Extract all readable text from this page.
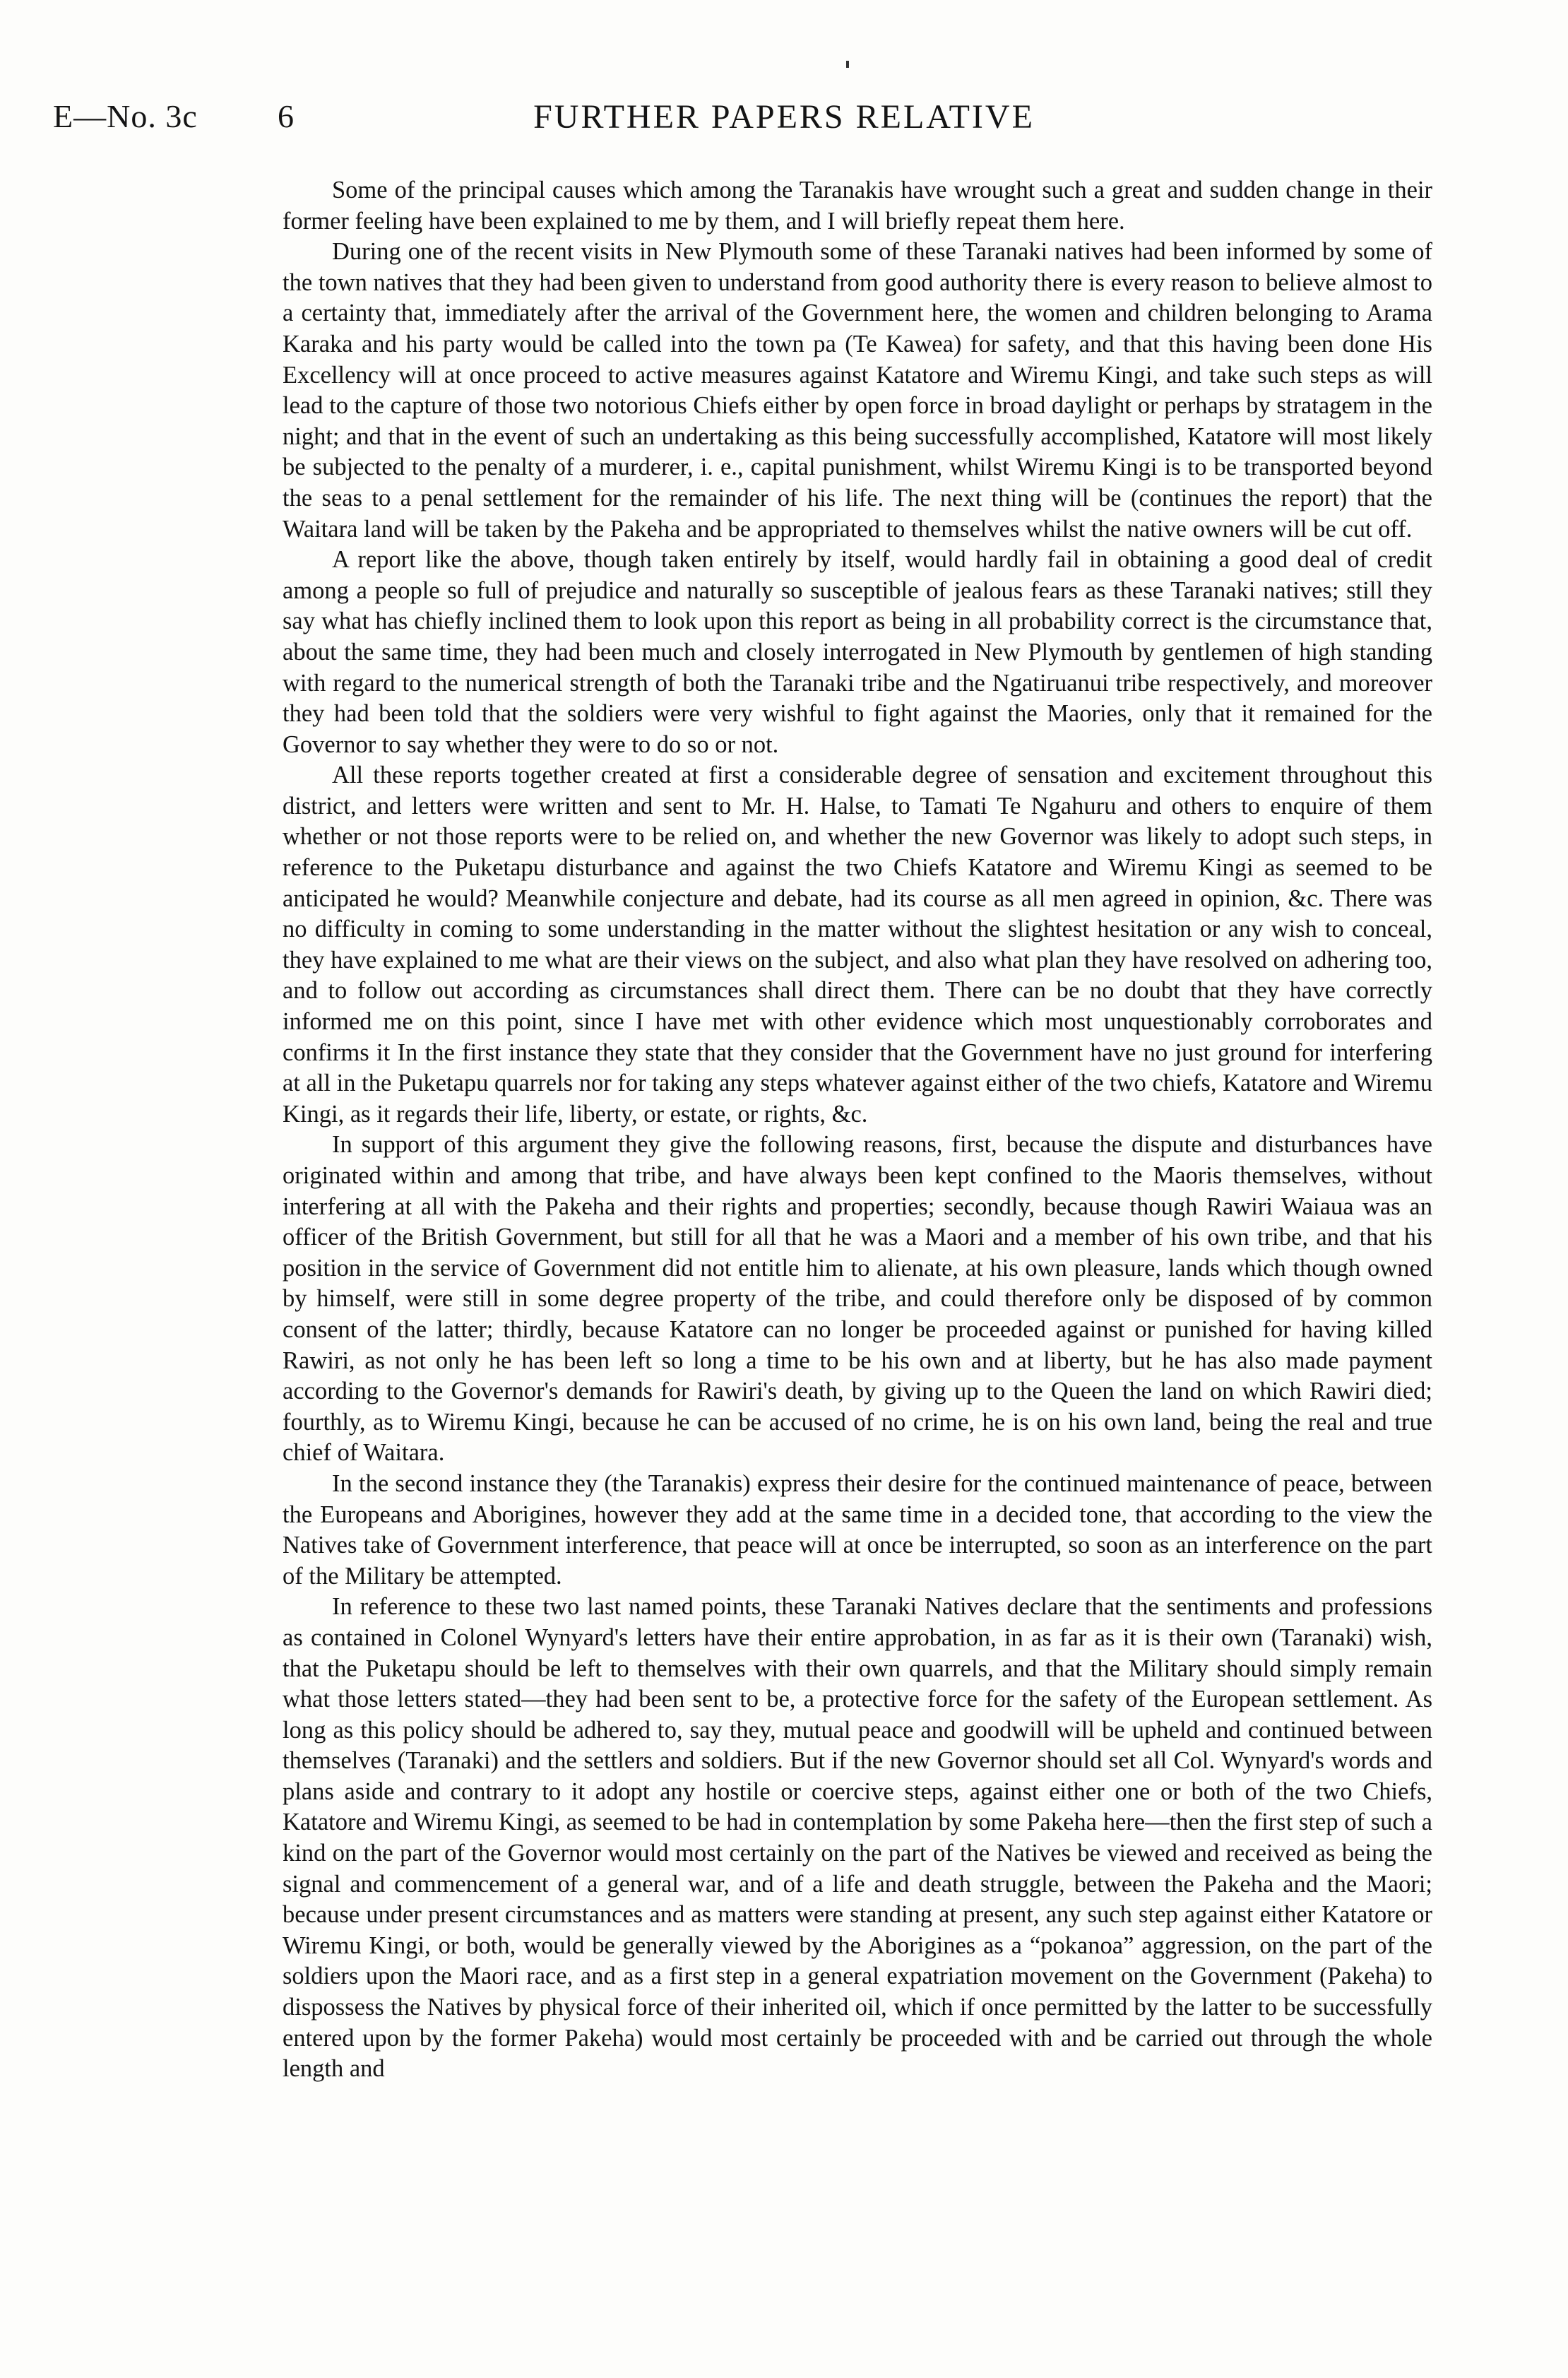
E—No. 3c 6	FURTHER PAPERS RELATIVE

Some of the principal causes which among the Taranakis have wrought such a great and sudden change in their former feeling have been explained to me by them, and I will briefly repeat them here.

During one of the recent visits in New Plymouth some of these Taranaki natives had been informed by some of the town natives that they had been given to understand from good authority there is every reason to believe almost to a certainty that, immediately after the arrival of the Government here, the women and children belonging to Arama Karaka and his party would be called into the town pa (Te Kawea) for safety, and that this having been done His Excellency will at once proceed to active measures against Katatore and Wiremu Kingi, and take such steps as will lead to the capture of those two notorious Chiefs either by open force in broad daylight or perhaps by stratagem in the night; and that in the event of such an undertaking as this being successfully accomplished, Katatore will most likely be subjected to the penalty of a murderer, i. e., capital punishment, whilst Wiremu Kingi is to be transported beyond the seas to a penal settlement for the remainder of his life. The next thing will be (continues the report) that the Waitara land will be taken by the Pakeha and be appropriated to themselves whilst the native owners will be cut off.

A report like the above, though taken entirely by itself, would hardly fail in obtaining a good deal of credit among a people so full of prejudice and naturally so susceptible of jealous fears as these Taranaki natives; still they say what has chiefly inclined them to look upon this report as being in all probability correct is the circumstance that, about the same time, they had been much and closely interrogated in New Plymouth by gentlemen of high standing with regard to the numerical strength of both the Taranaki tribe and the Ngatiruanui tribe respectively, and moreover they had been told that the soldiers were very wishful to fight against the Maories, only that it remained for the Governor to say whether they were to do so or not.

All these reports together created at first a considerable degree of sensation and excitement throughout this district, and letters were written and sent to Mr. H. Halse, to Tamati Te Ngahuru and others to enquire of them whether or not those reports were to be relied on, and whether the new Governor was likely to adopt such steps, in reference to the Puketapu disturbance and against the two Chiefs Katatore and Wiremu Kingi as seemed to be anticipated he would? Meanwhile conjecture and debate, had its course as all men agreed in opinion, &c. There was no difficulty in coming to some understanding in the matter without the slightest hesitation or any wish to conceal, they have explained to me what are their views on the subject, and also what plan they have resolved on adhering too, and to follow out according as circumstances shall direct them. There can be no doubt that they have correctly informed me on this point, since I have met with other evidence which most unquestionably corroborates and confirms it In the first instance they state that they consider that the Government have no just ground for interfering at all in the Puketapu quarrels nor for taking any steps whatever against either of the two chiefs, Katatore and Wiremu Kingi, as it regards their life, liberty, or estate, or rights, &c.

In support of this argument they give the following reasons, first, because the dispute and disturbances have originated within and among that tribe, and have always been kept confined to the Maoris themselves, without interfering at all with the Pakeha and their rights and properties; secondly, because though Rawiri Waiaua was an officer of the British Government, but still for all that he was a Maori and a member of his own tribe, and that his position in the service of Government did not entitle him to alienate, at his own pleasure, lands which though owned by himself, were still in some degree property of the tribe, and could therefore only be disposed of by common consent of the latter; thirdly, because Katatore can no longer be proceeded against or punished for having killed Rawiri, as not only he has been left so long a time to be his own and at liberty, but he has also made payment according to the Governor's demands for Rawiri's death, by giving up to the Queen the land on which Rawiri died; fourthly, as to Wiremu Kingi, because he can be accused of no crime, he is on his own land, being the real and true chief of Waitara.

In the second instance they (the Taranakis) express their desire for the continued maintenance of peace, between the Europeans and Aborigines, however they add at the same time in a decided tone, that according to the view the Natives take of Government interference, that peace will at once be interrupted, so soon as an interference on the part of the Military be attempted.

In reference to these two last named points, these Taranaki Natives declare that the sentiments and professions as contained in Colonel Wynyard's letters have their entire approbation, in as far as it is their own (Taranaki) wish, that the Puketapu should be left to themselves with their own quarrels, and that the Military should simply remain what those letters stated—they had been sent to be, a protective force for the safety of the European settlement. As long as this policy should be adhered to, say they, mutual peace and goodwill will be upheld and continued between themselves (Taranaki) and the settlers and soldiers. But if the new Governor should set all Col. Wynyard's words and plans aside and contrary to it adopt any hostile or coercive steps, against either one or both of the two Chiefs, Katatore and Wiremu Kingi, as seemed to be had in contemplation by some Pakeha here—then the first step of such a kind on the part of the Governor would most certainly on the part of the Natives be viewed and received as being the signal and commencement of a general war, and of a life and death struggle, between the Pakeha and the Maori; because under present circumstances and as matters were standing at present, any such step against either Katatore or Wiremu Kingi, or both, would be generally viewed by the Aborigines as a “pokanoa” aggression, on the part of the soldiers upon the Maori race, and as a first step in a general expatriation movement on the Government (Pakeha) to dispossess the Natives by physical force of their inherited oil, which if once permitted by the latter to be successfully entered upon by the former Pakeha) would most certainly be proceeded with and be carried out through the whole length and
